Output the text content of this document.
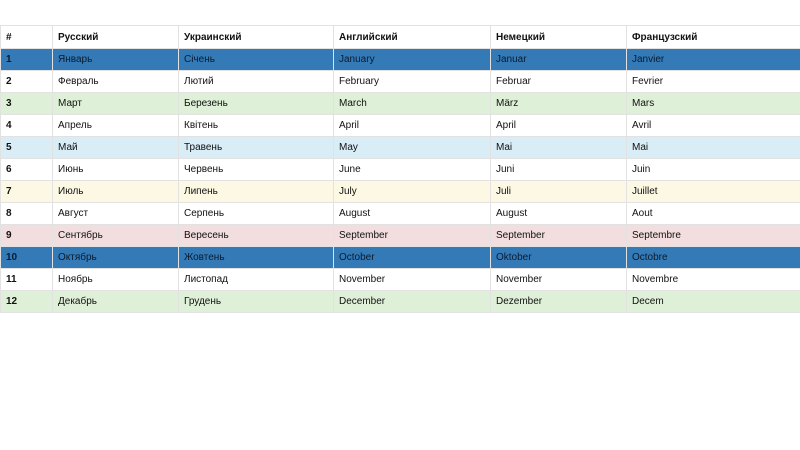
#	Русский	Украинский	Английский	Немецкий	Французский
1	Январь	Січень	January	Januar	Janvier
2	Февраль	Лютий	February	Februar	Fevrier
3	Март	Березень	March	März	Mars
4	Апрель	Квітень	April	April	Avril
5	Май	Травень	May	Mai	Mai
6	Июнь	Червень	June	Juni	Juin
7	Июль	Липень	July	Juli	Juillet
8	Август	Серпень	August	August	Aout
9	Сентябрь	Вересень	September	September	Septembre
10	Октябрь	Жовтень	October	Oktober	Octobre
11	Ноябрь	Листопад	November	November	Novembre
12	Декабрь	Грудень	December	Dezember	Decem
